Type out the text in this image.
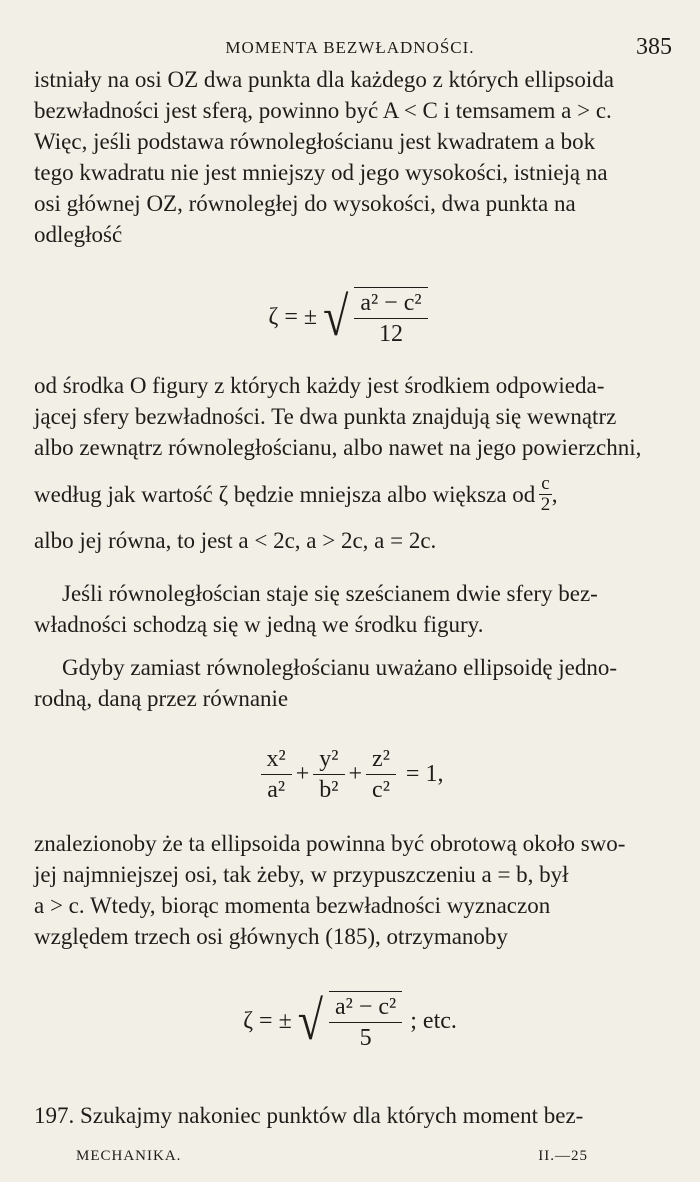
MOMENTA BEZWŁADNOŚCI.	385

istniały na osi OZ dwa punkta dla każdego z których ellipsoida

bezwładności jest sferą, powinno być A < C i temsamem a > c.

Więc, jeśli podstawa równoległościanu jest kwadratem a bok

tego kwadratu nie jest mniejszy od jego wysokości, istnieją na

osi głównej OZ, równoległej do wysokości, dwa punkta na

odległość

ζ = ± √ $\frac{\text{a² − c²}}{12}$

od środka O figury z których każdy jest środkiem odpowieda-

jącej sfery bezwładności. Te dwa punkta znajdują się wewnątrz

albo zewnątrz równoległościanu, albo nawet na jego powierzchni,

według jak wartość ζ będzie mniejsza albo większa od $\frac{c}{2}$ ,

albo jej równa, to jest a < 2c, a > 2c, a = 2c.

Jeśli równoległościan staje się sześcianem dwie sfery bez-

władności schodzą się w jedną we środku figury.

Gdyby zamiast równoległościanu uważano ellipsoidę jedno-

rodną, daną przez równanie

$\frac{\text{x²}}{\text{a²}} + \frac{\text{y²}}{\text{b²}} + \frac{\text{z²}}{\text{c²}} = 1$,

znalezionoby że ta ellipsoida powinna być obrotową około swo-

jej najmniejszej osi, tak żeby, w przypuszczeniu a = b, był

a > c. Wtedy, biorąc momenta bezwładności wyznaczon

względem trzech osi głównych (185), otrzymanoby

ζ = ± √ $\frac{\text{a² − c²}}{5}$ ; etc.

197. Szukajmy nakoniec punktów dla których moment bez-

MECHANIKA.	II.—25
